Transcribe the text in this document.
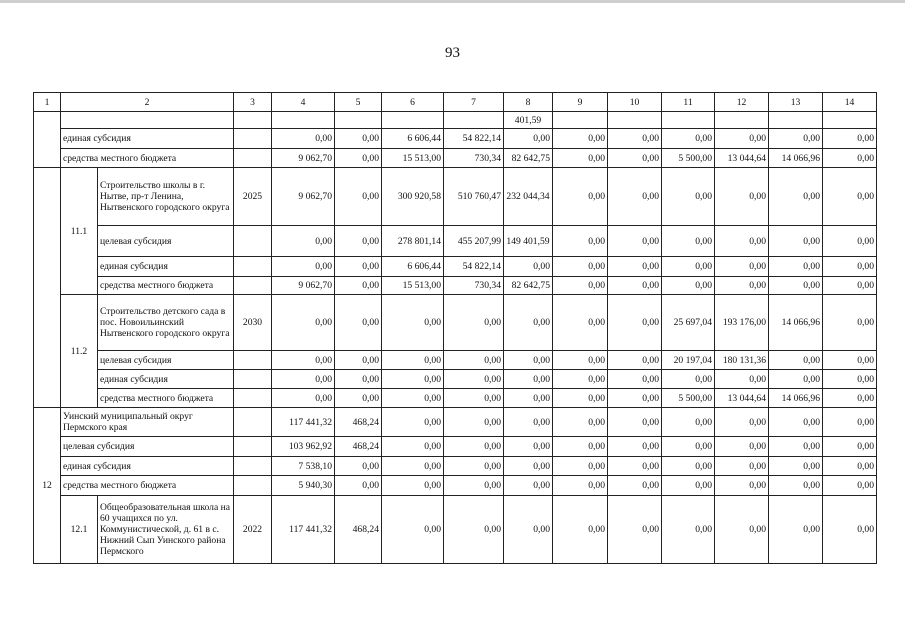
93
1	2		3	4	5	6	7	8	9	10	11	12	13	14
								401,59						
	единая субсидия			0,00	0,00	6 606,44	54 822,14	0,00	0,00	0,00	0,00	0,00	0,00	0,00
	средства местного бюджета			9 062,70	0,00	15 513,00	730,34	82 642,75	0,00	0,00	5 500,00	13 044,64	14 066,96	0,00
	11.1	Строительство школы в г. Нытве, пр-т Ленина, Нытвенского городского округа	2025	9 062,70	0,00	300 920,58	510 760,47	232 044,34	0,00	0,00	0,00	0,00	0,00	0,00
		целевая субсидия		0,00	0,00	278 801,14	455 207,99	149 401,59	0,00	0,00	0,00	0,00	0,00	0,00
		единая субсидия		0,00	0,00	6 606,44	54 822,14	0,00	0,00	0,00	0,00	0,00	0,00	0,00
		средства местного бюджета		9 062,70	0,00	15 513,00	730,34	82 642,75	0,00	0,00	0,00	0,00	0,00	0,00
	11.2	Строительство детского сада в пос. Новоильинский Нытвенского городского округа	2030	0,00	0,00	0,00	0,00	0,00	0,00	0,00	25 697,04	193 176,00	14 066,96	0,00
		целевая субсидия		0,00	0,00	0,00	0,00	0,00	0,00	0,00	20 197,04	180 131,36	0,00	0,00
		единая субсидия		0,00	0,00	0,00	0,00	0,00	0,00	0,00	0,00	0,00	0,00	0,00
		средства местного бюджета		0,00	0,00	0,00	0,00	0,00	0,00	0,00	5 500,00	13 044,64	14 066,96	0,00
12	Уинский муниципальный округ Пермского края			117 441,32	468,24	0,00	0,00	0,00	0,00	0,00	0,00	0,00	0,00	0,00
	целевая субсидия			103 962,92	468,24	0,00	0,00	0,00	0,00	0,00	0,00	0,00	0,00	0,00
	единая субсидия			7 538,10	0,00	0,00	0,00	0,00	0,00	0,00	0,00	0,00	0,00	0,00
	средства местного бюджета			5 940,30	0,00	0,00	0,00	0,00	0,00	0,00	0,00	0,00	0,00	0,00
	12.1	Общеобразовательная школа на 60 учащихся по ул. Коммунистической, д. 61 в с. Нижний Сып Уинского района Пермского	2022	117 441,32	468,24	0,00	0,00	0,00	0,00	0,00	0,00	0,00	0,00	0,00
